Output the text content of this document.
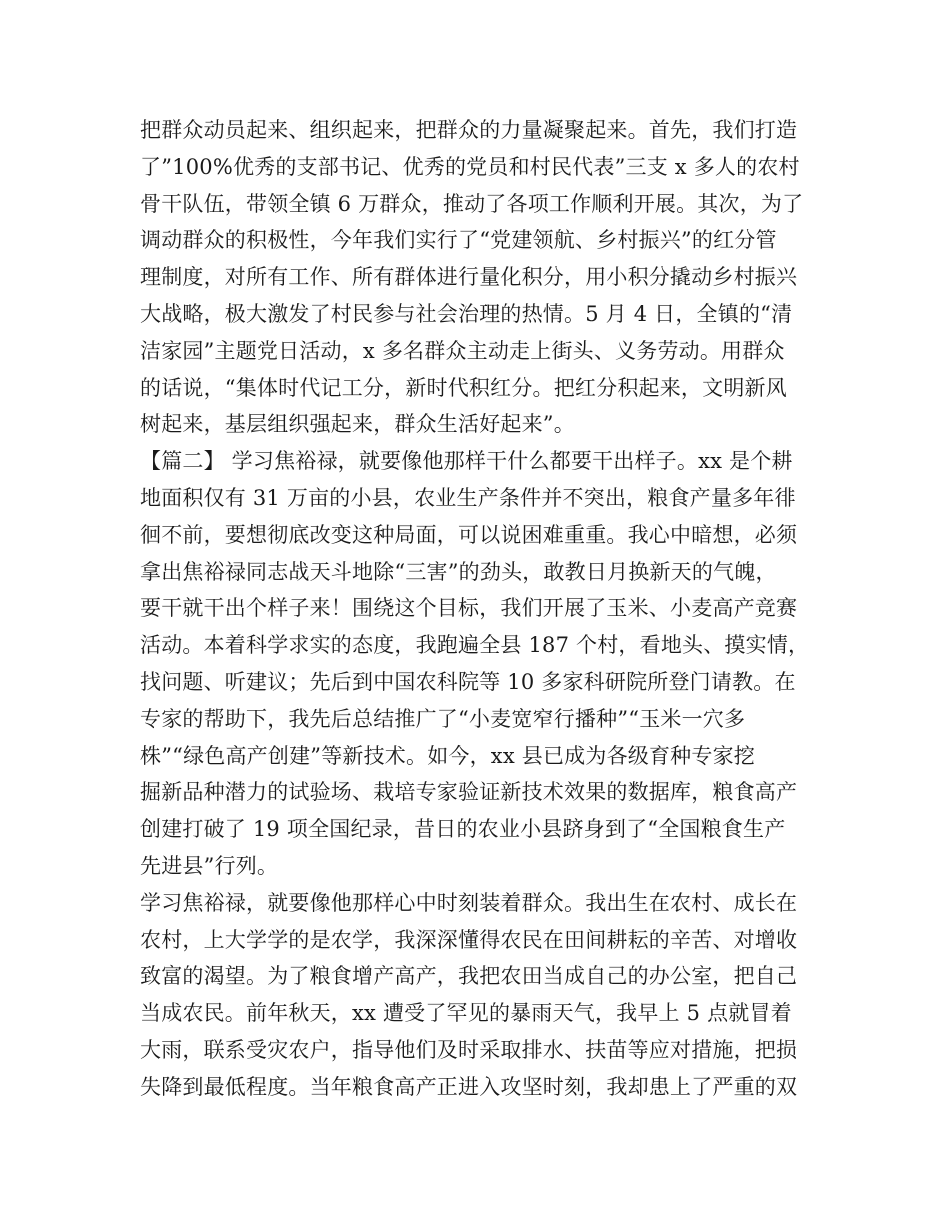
把群众动员起来、组织起来，把群众的力量凝聚起来。首先，我们打造
了”100%优秀的支部书记、优秀的党员和村民代表”三支 x 多人的农村
骨干队伍，带领全镇 6 万群众，推动了各项工作顺利开展。其次，为了
调动群众的积极性，今年我们实行了“党建领航、乡村振兴”的红分管
理制度，对所有工作、所有群体进行量化积分，用小积分撬动乡村振兴
大战略，极大激发了村民参与社会治理的热情。5 月 4 日，全镇的“清
洁家园”主题党日活动，x 多名群众主动走上街头、义务劳动。用群众
的话说，“集体时代记工分，新时代积红分。把红分积起来，文明新风
树起来，基层组织强起来，群众生活好起来”。
【篇二】 学习焦裕禄，就要像他那样干什么都要干出样子。xx 是个耕
地面积仅有 31 万亩的小县，农业生产条件并不突出，粮食产量多年徘
徊不前，要想彻底改变这种局面，可以说困难重重。我心中暗想，必须
拿出焦裕禄同志战天斗地除“三害”的劲头，敢教日月换新天的气魄，
要干就干出个样子来！围绕这个目标，我们开展了玉米、小麦高产竞赛
活动。本着科学求实的态度，我跑遍全县 187 个村，看地头、摸实情，
找问题、听建议；先后到中国农科院等 10 多家科研院所登门请教。在
专家的帮助下，我先后总结推广了“小麦宽窄行播种”“玉米一穴多
株”“绿色高产创建”等新技术。如今，xx 县已成为各级育种专家挖
掘新品种潜力的试验场、栽培专家验证新技术效果的数据库，粮食高产
创建打破了 19 项全国纪录，昔日的农业小县跻身到了“全国粮食生产
先进县”行列。
学习焦裕禄，就要像他那样心中时刻装着群众。我出生在农村、成长在
农村，上大学学的是农学，我深深懂得农民在田间耕耘的辛苦、对增收
致富的渴望。为了粮食增产高产，我把农田当成自己的办公室，把自己
当成农民。前年秋天，xx 遭受了罕见的暴雨天气，我早上 5 点就冒着
大雨，联系受灾农户，指导他们及时采取排水、扶苗等应对措施，把损
失降到最低程度。当年粮食高产正进入攻坚时刻，我却患上了严重的双
